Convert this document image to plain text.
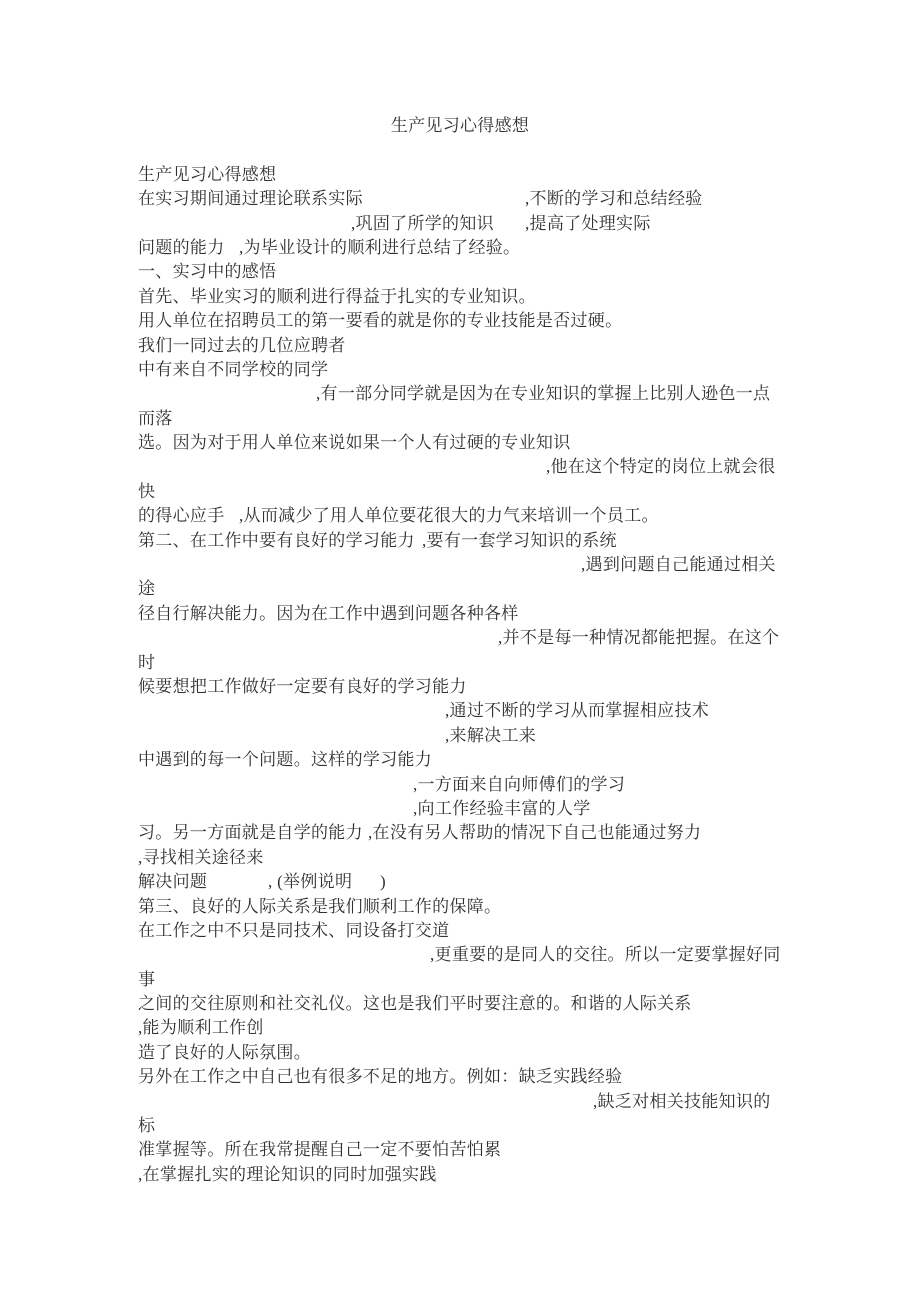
生产见习心得感想
生产见习心得感想
在实习期间通过理论联系实际	,不断的学习和总结经验
,巩固了所学的知识 ,提高了处理实际
问题的能力 ,为毕业设计的顺利进行总结了经验。
一、实习中的感悟
首先、毕业实习的顺利进行得益于扎实的专业知识。
用人单位在招聘员工的第一要看的就是你的专业技能是否过硬。
我们一同过去的几位应聘者
中有来自不同学校的同学
,有一部分同学就是因为在专业知识的掌握上比别人逊色一点
而落
选。因为对于用人单位来说如果一个人有过硬的专业知识
,他在这个特定的岗位上就会很
快
的得心应手 ,从而减少了用人单位要花很大的力气来培训一个员工。
第二、在工作中要有良好的学习能力 ,要有一套学习知识的系统
,遇到问题自己能通过相关
途
径自行解决能力。因为在工作中遇到问题各种各样
,并不是每一种情况都能把握。在这个
时
候要想把工作做好一定要有良好的学习能力
,通过不断的学习从而掌握相应技术
,来解决工来
中遇到的每一个问题。这样的学习能力
,一方面来自向师傅们的学习
,向工作经验丰富的人学
习。另一方面就是自学的能力 ,在没有另人帮助的情况下自己也能通过努力
,寻找相关途径来
解决问题	, (举例说明 )
第三、良好的人际关系是我们顺利工作的保障。
在工作之中不只是同技术、同设备打交道
,更重要的是同人的交往。所以一定要掌握好同
事
之间的交往原则和社交礼仪。这也是我们平时要注意的。和谐的人际关系
,能为顺利工作创
造了良好的人际氛围。
另外在工作之中自己也有很多不足的地方。例如：缺乏实践经验
,缺乏对相关技能知识的
标
准掌握等。所在我常提醒自己一定不要怕苦怕累
,在掌握扎实的理论知识的同时加强实践
